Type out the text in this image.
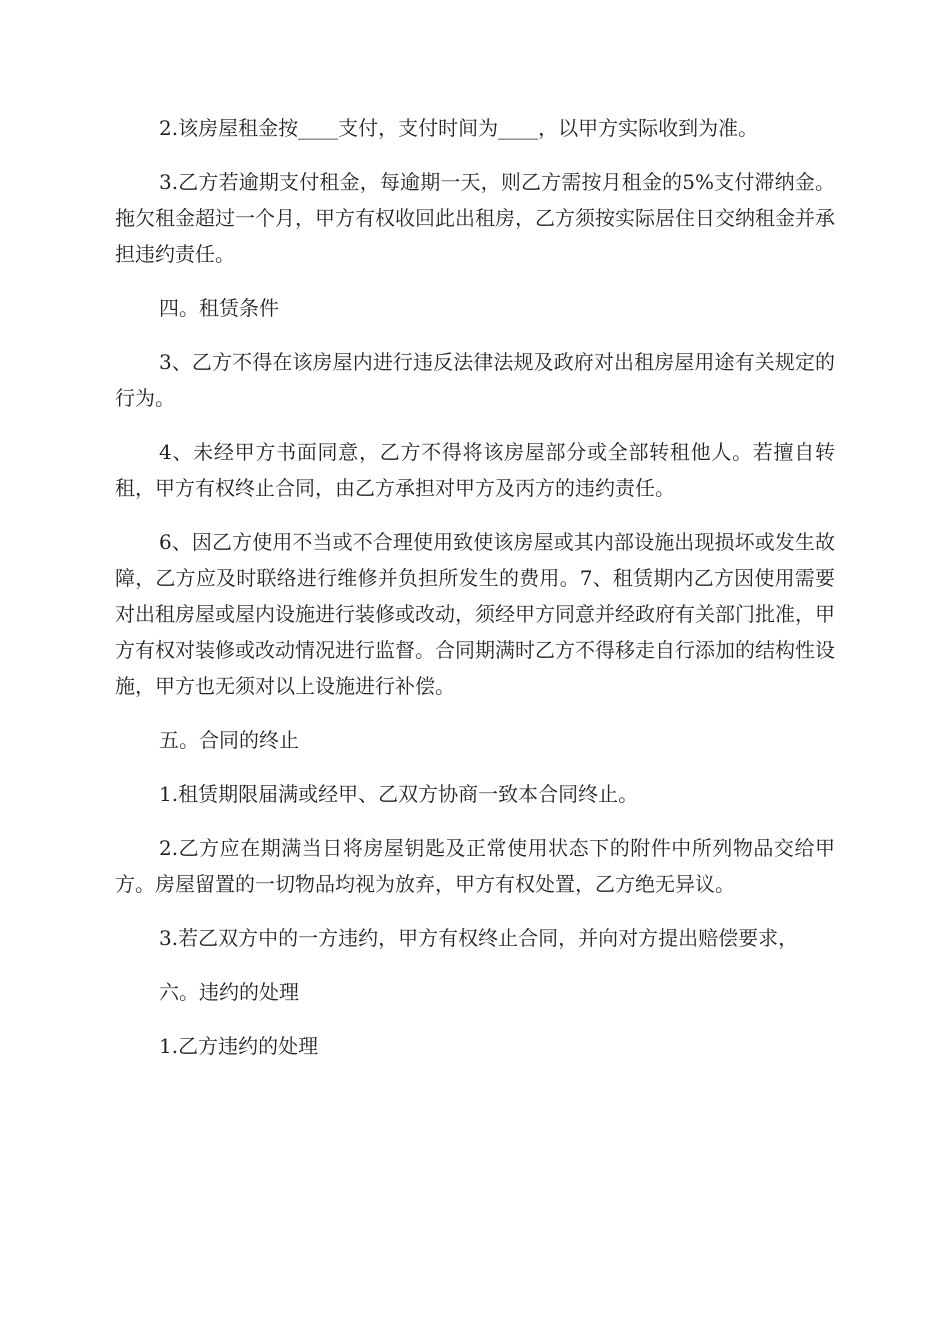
2.该房屋租金按____支付，支付时间为____，以甲方实际收到为准。

3.乙方若逾期支付租金，每逾期一天，则乙方需按月租金的5%支付滞纳金。拖欠租金超过一个月，甲方有权收回此出租房，乙方须按实际居住日交纳租金并承担违约责任。

四。租赁条件

3、乙方不得在该房屋内进行违反法律法规及政府对出租房屋用途有关规定的行为。

4、未经甲方书面同意，乙方不得将该房屋部分或全部转租他人。若擅自转租，甲方有权终止合同，由乙方承担对甲方及丙方的违约责任。

6、因乙方使用不当或不合理使用致使该房屋或其内部设施出现损坏或发生故障，乙方应及时联络进行维修并负担所发生的费用。7、租赁期内乙方因使用需要对出租房屋或屋内设施进行装修或改动，须经甲方同意并经政府有关部门批准，甲方有权对装修或改动情况进行监督。合同期满时乙方不得移走自行添加的结构性设施，甲方也无须对以上设施进行补偿。

五。合同的终止

1.租赁期限届满或经甲、乙双方协商一致本合同终止。

2.乙方应在期满当日将房屋钥匙及正常使用状态下的附件中所列物品交给甲方。房屋留置的一切物品均视为放弃，甲方有权处置，乙方绝无异议。

3.若乙双方中的一方违约，甲方有权终止合同，并向对方提出赔偿要求，

六。违约的处理

1.乙方违约的处理
